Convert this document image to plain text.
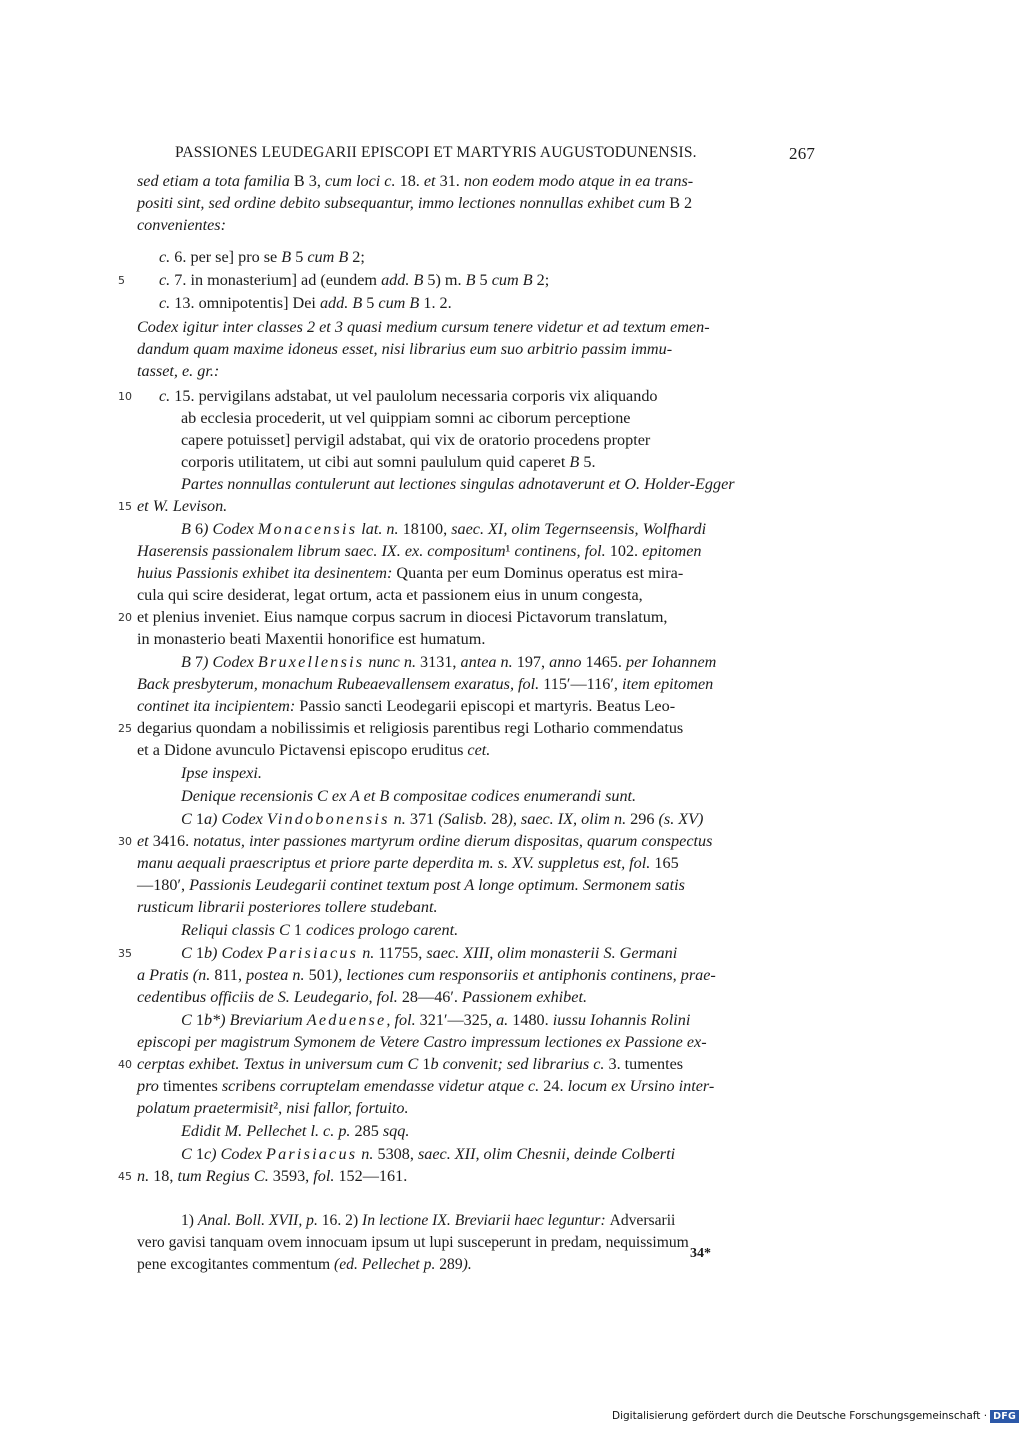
PASSIONES LEUDEGARII EPISCOPI ET MARTYRIS AUGUSTODUNENSIS.	267
sed etiam a tota familia B 3, cum loci c. 18. et 31. non eodem modo atque in ea trans-
positi sint, sed ordine debito subsequantur, immo lectiones nonnullas exhibet cum B 2
convenientes:
c. 6. per se] pro se B 5 cum B 2;
5	c. 7. in monasterium] ad (eundem add. B 5) m. B 5 cum B 2;
c. 13. omnipotentis] Dei add. B 5 cum B 1. 2.
Codex igitur inter classes 2 et 3 quasi medium cursum tenere videtur et ad textum emen-
dandum quam maxime idoneus esset, nisi librarius eum suo arbitrio passim immu-
tasset, e. gr.:
10	c. 15. pervigilans adstabat, ut vel paulolum necessaria corporis vix aliquando
ab ecclesia procederit, ut vel quippiam somni ac ciborum perceptione
capere potuisset] pervigil adstabat, qui vix de oratorio procedens propter
corporis utilitatem, ut cibi aut somni paululum quid caperet B 5.
Partes nonnullas contulerunt aut lectiones singulas adnotaverunt et O. Holder-Egger
15 et W. Levison.
B 6) Codex Monacensis lat. n. 18100, saec. XI, olim Tegernseensis, Wolfhardi
Haserensis passionalem librum saec. IX. ex. compositum¹ continens, fol. 102. epitomen
huius Passionis exhibet ita desinentem: Quanta per eum Dominus operatus est mira-
cula qui scire desiderat, legat ortum, acta et passionem eius in unum congesta,
20 et plenius inveniet. Eius namque corpus sacrum in diocesi Pictavorum translatum,
in monasterio beati Maxentii honorifice est humatum.
B 7) Codex Bruxellensis nunc n. 3131, antea n. 197, anno 1465. per Iohannem
Back presbyterum, monachum Rubeaevallensem exaratus, fol. 115′—116′, item epitomen
continet ita incipientem: Passio sancti Leodegarii episcopi et martyris. Beatus Leo-
25 degarius quondam a nobilissimis et religiosis parentibus regi Lothario commendatus
et a Didone avunculo Pictavensi episcopo eruditus cet.
Ipse inspexi.
Denique recensionis C ex A et B compositae codices enumerandi sunt.
C 1a) Codex Vindobonensis n. 371 (Salisb. 28), saec. IX, olim n. 296 (s. XV)
30 et 3416. notatus, inter passiones martyrum ordine dierum dispositas, quarum conspectus
manu aequali praescriptus et priore parte deperdita m. s. XV. suppletus est, fol. 165
—180′, Passionis Leudegarii continet textum post A longe optimum. Sermonem satis
rusticum librarii posteriores tollere studebant.
Reliqui classis C 1 codices prologo carent.
35	C 1b) Codex Parisiacus n. 11755, saec. XIII, olim monasterii S. Germani
a Pratis (n. 811, postea n. 501), lectiones cum responsoriis et antiphonis continens, prae-
cedentibus officiis de S. Leudegario, fol. 28—46′. Passionem exhibet.
C 1b*) Breviarium Aeduense, fol. 321′—325, a. 1480. iussu Iohannis Rolini
episcopi per magistrum Symonem de Vetere Castro impressum lectiones ex Passione ex-
40 cerptas exhibet. Textus in universum cum C 1b convenit; sed librarius c. 3. tumentes
pro timentes scribens corruptelam emendasse videtur atque c. 24. locum ex Ursino inter-
polatum praetermisit², nisi fallor, fortuito.
Edidit M. Pellechet l. c. p. 285 sqq.
C 1c) Codex Parisiacus n. 5308, saec. XII, olim Chesnii, deinde Colberti
45 n. 18, tum Regius C. 3593, fol. 152—161.
1) Anal. Boll. XVII, p. 16. 2) In lectione IX. Breviarii haec leguntur: Adversarii
vero gavisi tanquam ovem innocuam ipsum ut lupi susceperunt in predam, nequissimum
pene excogitantes commentum (ed. Pellechet p. 289).
34*
Digitalisierung gefördert durch die Deutsche Forschungsgemeinschaft · DFG
